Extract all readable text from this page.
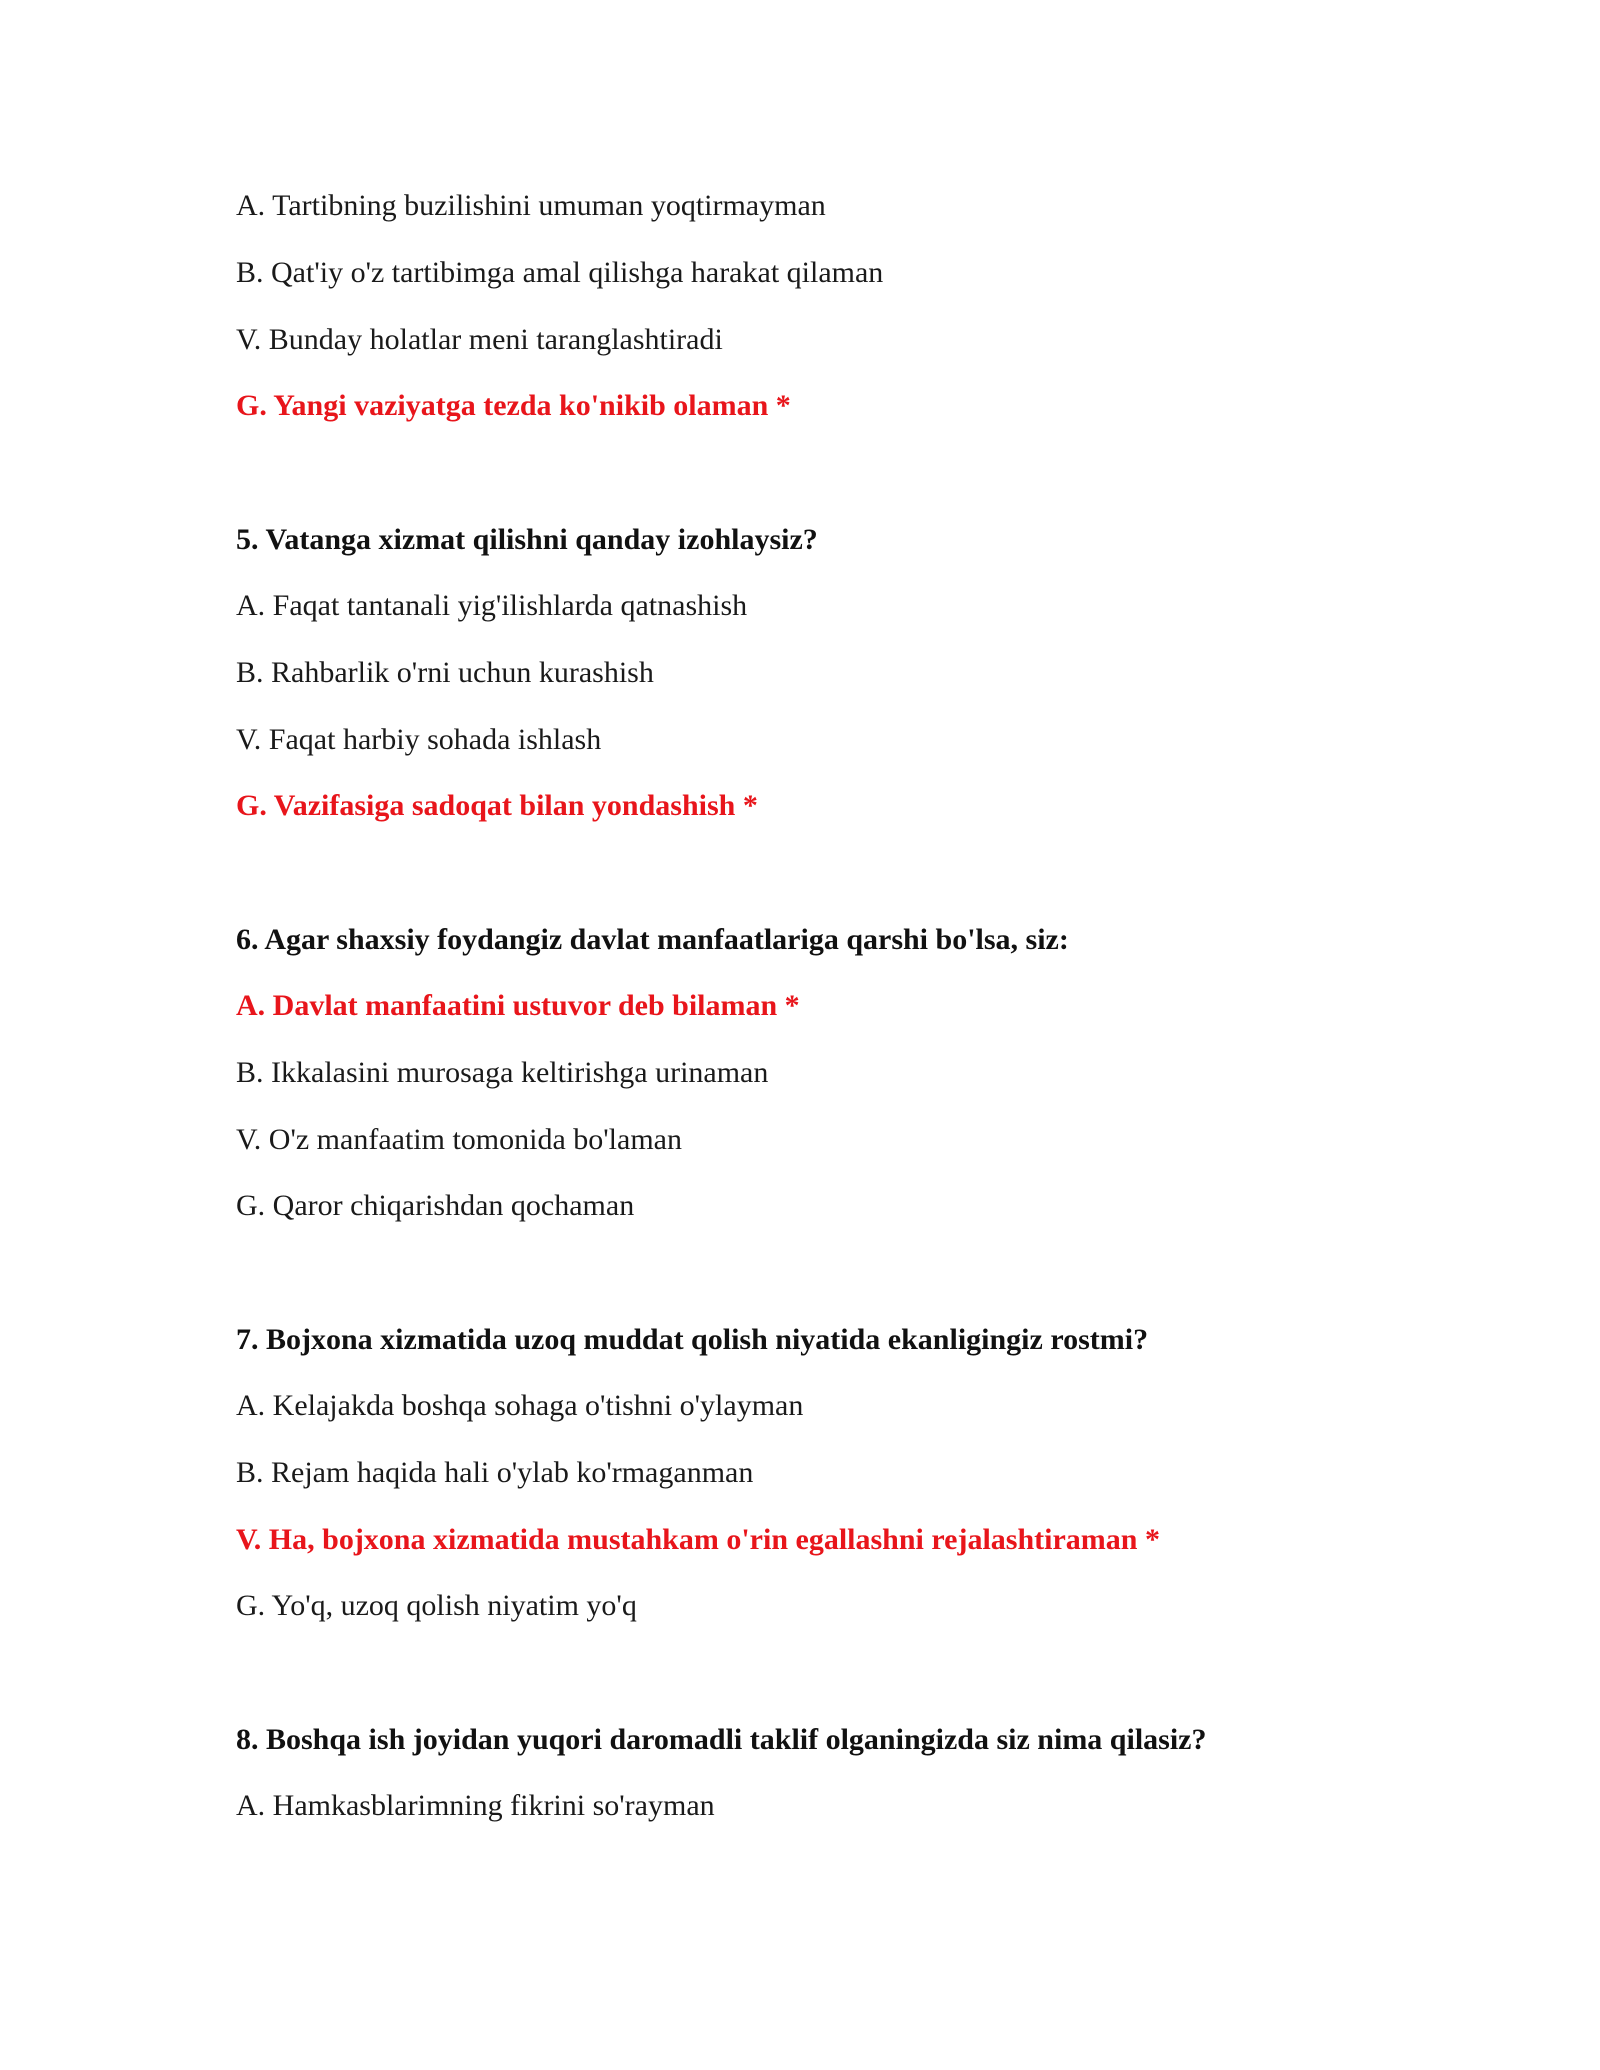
A. Tartibning buzilishini umuman yoqtirmayman
B. Qat'iy o'z tartibimga amal qilishga harakat qilaman
V. Bunday holatlar meni taranglashtiradi
G. Yangi vaziyatga tezda ko'nikib olaman *
5. Vatanga xizmat qilishni qanday izohlaysiz?
A. Faqat tantanali yig'ilishlarda qatnashish
B. Rahbarlik o'rni uchun kurashish
V. Faqat harbiy sohada ishlash
G. Vazifasiga sadoqat bilan yondashish *
6. Agar shaxsiy foydangiz davlat manfaatlariga qarshi bo'lsa, siz:
A. Davlat manfaatini ustuvor deb bilaman *
B. Ikkalasini murosaga keltirishga urinaman
V. O'z manfaatim tomonida bo'laman
G. Qaror chiqarishdan qochaman
7. Bojxona xizmatida uzoq muddat qolish niyatida ekanligingiz rostmi?
A. Kelajakda boshqa sohaga o'tishni o'ylayman
B. Rejam haqida hali o'ylab ko'rmaganman
V. Ha, bojxona xizmatida mustahkam o'rin egallashni rejalashtiraman *
G. Yo'q, uzoq qolish niyatim yo'q
8. Boshqa ish joyidan yuqori daromadli taklif olganingizda siz nima qilasiz?
A. Hamkasblarimning fikrini so'rayman
